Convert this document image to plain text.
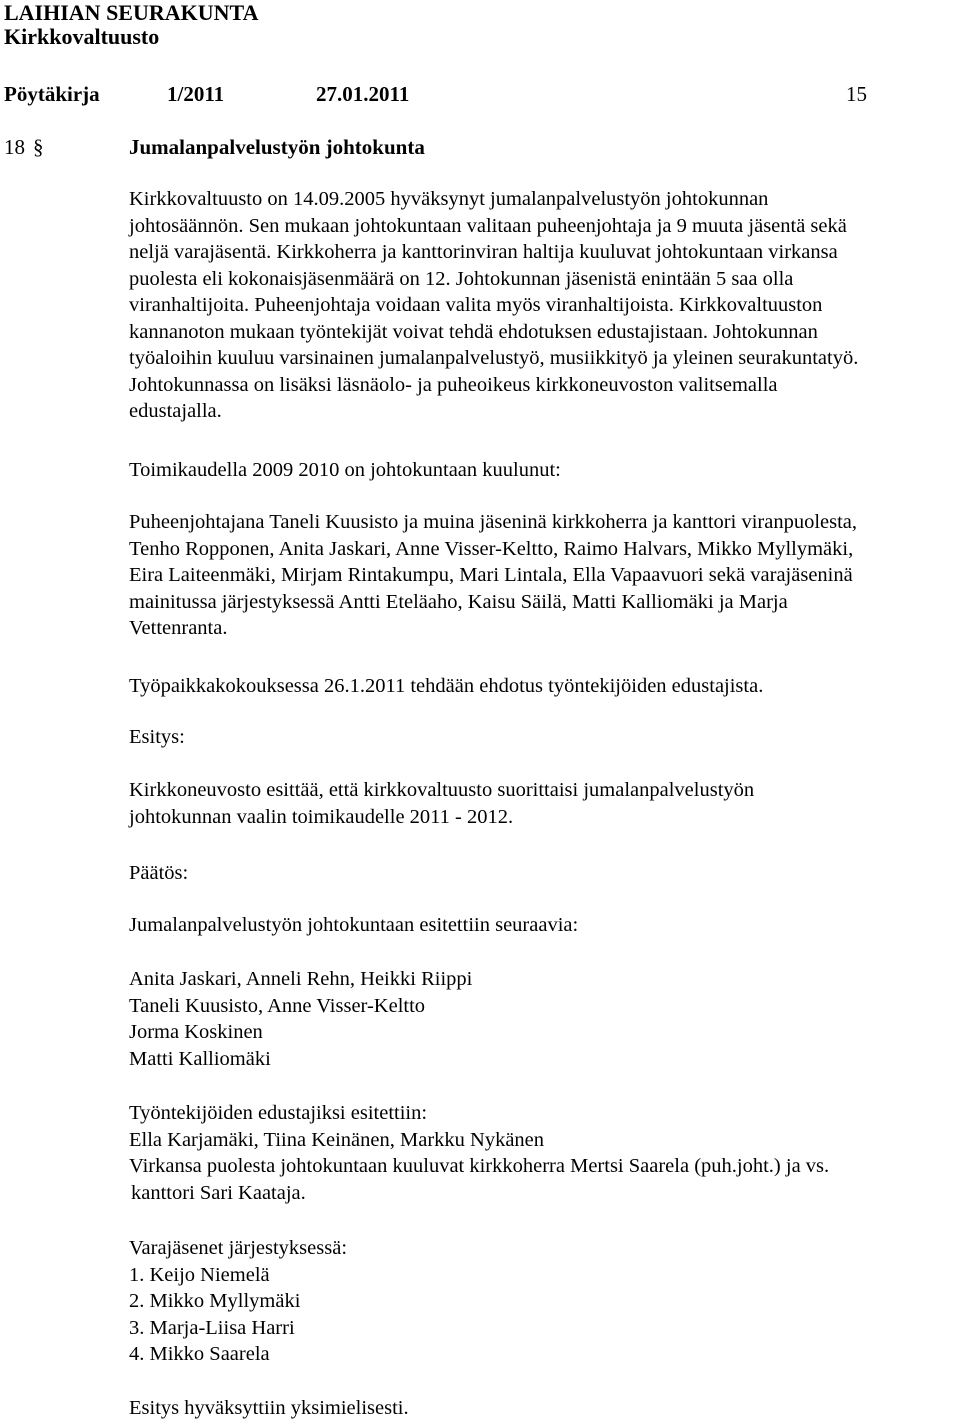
LAIHIAN SEURAKUNTA
Kirkkovaltuusto
Pöytäkirja	1/2011	27.01.2011	15
18 §	Jumalanpalvelustyön johtokunta
Kirkkovaltuusto on 14.09.2005 hyväksynyt jumalanpalvelustyön johtokunnan
johtosäännön. Sen mukaan johtokuntaan valitaan puheenjohtaja ja 9 muuta jäsentä sekä
neljä varajäsentä. Kirkkoherra ja kanttorinviran haltija kuuluvat johtokuntaan virkansa
puolesta eli kokonaisjäsenmäärä on 12. Johtokunnan jäsenistä enintään 5 saa olla
viranhaltijoita. Puheenjohtaja voidaan valita myös viranhaltijoista. Kirkkovaltuuston
kannanoton mukaan työntekijät voivat tehdä ehdotuksen edustajistaan. Johtokunnan
työaloihin kuuluu varsinainen jumalanpalvelustyö, musiikkityö ja yleinen seurakuntatyö.
Johtokunnassa on lisäksi läsnäolo- ja puheoikeus kirkkoneuvoston valitsemalla
edustajalla.
Toimikaudella 2009 2010 on johtokuntaan kuulunut:
Puheenjohtajana Taneli Kuusisto ja muina jäseninä kirkkoherra ja kanttori viranpuolesta,
Tenho Ropponen, Anita Jaskari, Anne Visser-Keltto, Raimo Halvars, Mikko Myllymäki,
Eira Laiteenmäki, Mirjam Rintakumpu, Mari Lintala, Ella Vapaavuori sekä varajäseninä
mainitussa järjestyksessä Antti Eteläaho, Kaisu Säilä, Matti Kalliomäki ja Marja
Vettenranta.
Työpaikkakokouksessa 26.1.2011 tehdään ehdotus työntekijöiden edustajista.
Esitys:
Kirkkoneuvosto esittää, että kirkkovaltuusto suorittaisi jumalanpalvelustyön
johtokunnan vaalin toimikaudelle 2011 - 2012.
Päätös:
Jumalanpalvelustyön johtokuntaan esitettiin seuraavia:
Anita Jaskari, Anneli Rehn, Heikki Riippi
Taneli Kuusisto, Anne Visser-Keltto
Jorma Koskinen
Matti Kalliomäki
Työntekijöiden edustajiksi esitettiin:
Ella Karjamäki, Tiina Keinänen, Markku Nykänen
Virkansa puolesta johtokuntaan kuuluvat kirkkoherra Mertsi Saarela (puh.joht.) ja vs.
kanttori Sari Kaataja.
Varajäsenet järjestyksessä:
1. Keijo Niemelä
2. Mikko Myllymäki
3. Marja-Liisa Harri
4. Mikko Saarela
Esitys hyväksyttiin yksimielisesti.
